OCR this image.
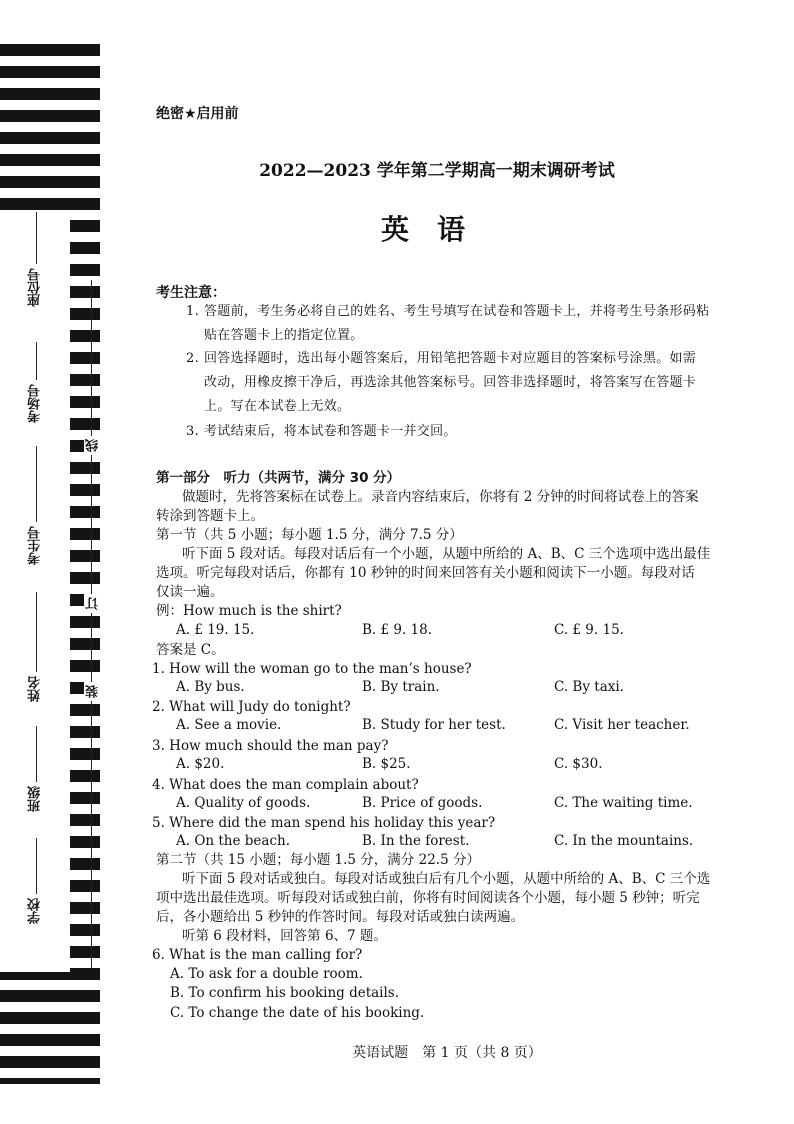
座位号
考场号
考生号
姓名
班级
学校
线
订
装
绝密★启用前
2022—2023 学年第二学期高一期末调研考试
英语
考生注意：
1. 答题前，考生务必将自己的姓名、考生号填写在试卷和答题卡上，并将考生号条形码粘
贴在答题卡上的指定位置。
2. 回答选择题时，选出每小题答案后，用铅笔把答题卡对应题目的答案标号涂黑。如需
改动，用橡皮擦干净后，再选涂其他答案标号。回答非选择题时，将答案写在答题卡
上。写在本试卷上无效。
3. 考试结束后，将本试卷和答题卡一并交回。
第一部分　听力（共两节，满分 30 分）
做题时，先将答案标在试卷上。录音内容结束后，你将有 2 分钟的时间将试卷上的答案
转涂到答题卡上。
第一节（共 5 小题；每小题 1.5 分，满分 7.5 分）
听下面 5 段对话。每段对话后有一个小题，从题中所给的 A、B、C 三个选项中选出最佳
选项。听完每段对话后，你都有 10 秒钟的时间来回答有关小题和阅读下一小题。每段对话
仅读一遍。
例：How much is the shirt?
A. £ 19. 15.	B. £ 9. 18.	C. £ 9. 15.
答案是 C。
1. How will the woman go to the man’s house?
A. By bus.	B. By train.	C. By taxi.
2. What will Judy do tonight?
A. See a movie.	B. Study for her test.	C. Visit her teacher.
3. How much should the man pay?
A. $20.	B. $25.	C. $30.
4. What does the man complain about?
A. Quality of goods.	B. Price of goods.	C. The waiting time.
5. Where did the man spend his holiday this year?
A. On the beach.	B. In the forest.	C. In the mountains.
第二节（共 15 小题；每小题 1.5 分，满分 22.5 分）
听下面 5 段对话或独白。每段对话或独白后有几个小题，从题中所给的 A、B、C 三个选
项中选出最佳选项。听每段对话或独白前，你将有时间阅读各个小题，每小题 5 秒钟；听完
后，各小题给出 5 秒钟的作答时间。每段对话或独白读两遍。
听第 6 段材料，回答第 6、7 题。
6. What is the man calling for?
A. To ask for a double room.
B. To confirm his booking details.
C. To change the date of his booking.
英语试题　第 1 页（共 8 页）
